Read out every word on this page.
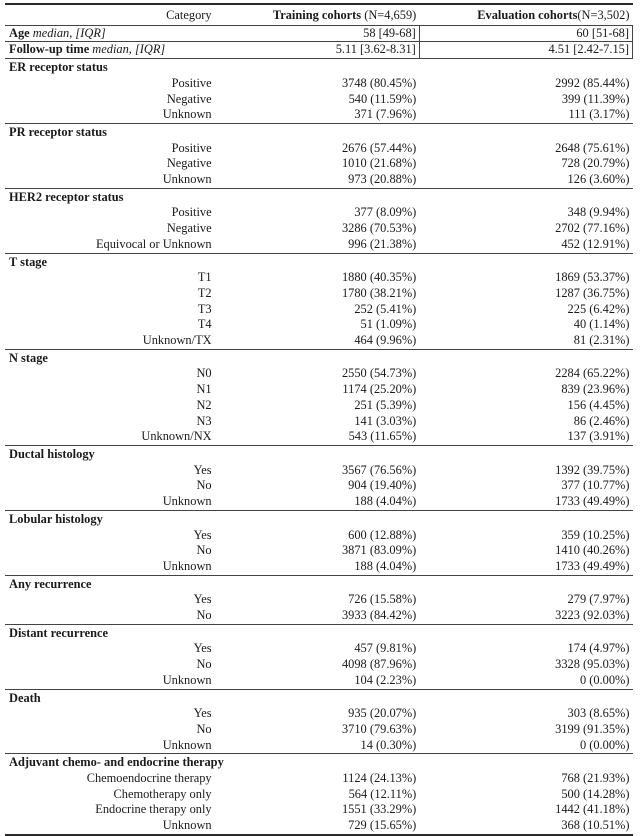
Category	Training cohorts (N=4,659)	Evaluation cohorts(N=3,502)
Age median, [IQR]	58 [49-68]	60 [51-68]
Follow-up time median, [IQR]	5.11 [3.62-8.31]	4.51 [2.42-7.15]
ER receptor status		
Positive	3748 (80.45%)	2992 (85.44%)
Negative	540 (11.59%)	399 (11.39%)
Unknown	371 (7.96%)	111 (3.17%)
PR receptor status		
Positive	2676 (57.44%)	2648 (75.61%)
Negative	1010 (21.68%)	728 (20.79%)
Unknown	973 (20.88%)	126 (3.60%)
HER2 receptor status		
Positive	377 (8.09%)	348 (9.94%)
Negative	3286 (70.53%)	2702 (77.16%)
Equivocal or Unknown	996 (21.38%)	452 (12.91%)
T stage		
T1	1880 (40.35%)	1869 (53.37%)
T2	1780 (38.21%)	1287 (36.75%)
T3	252 (5.41%)	225 (6.42%)
T4	51 (1.09%)	40 (1.14%)
Unknown/TX	464 (9.96%)	81 (2.31%)
N stage		
N0	2550 (54.73%)	2284 (65.22%)
N1	1174 (25.20%)	839 (23.96%)
N2	251 (5.39%)	156 (4.45%)
N3	141 (3.03%)	86 (2.46%)
Unknown/NX	543 (11.65%)	137 (3.91%)
Ductal histology		
Yes	3567 (76.56%)	1392 (39.75%)
No	904 (19.40%)	377 (10.77%)
Unknown	188 (4.04%)	1733 (49.49%)
Lobular histology		
Yes	600 (12.88%)	359 (10.25%)
No	3871 (83.09%)	1410 (40.26%)
Unknown	188 (4.04%)	1733 (49.49%)
Any recurrence		
Yes	726 (15.58%)	279 (7.97%)
No	3933 (84.42%)	3223 (92.03%)
Distant recurrence		
Yes	457 (9.81%)	174 (4.97%)
No	4098 (87.96%)	3328 (95.03%)
Unknown	104 (2.23%)	0 (0.00%)
Death		
Yes	935 (20.07%)	303 (8.65%)
No	3710 (79.63%)	3199 (91.35%)
Unknown	14 (0.30%)	0 (0.00%)
Adjuvant chemo- and endocrine therapy		
Chemoendocrine therapy	1124 (24.13%)	768 (21.93%)
Chemotherapy only	564 (12.11%)	500 (14.28%)
Endocrine therapy only	1551 (33.29%)	1442 (41.18%)
Unknown	729 (15.65%)	368 (10.51%)
